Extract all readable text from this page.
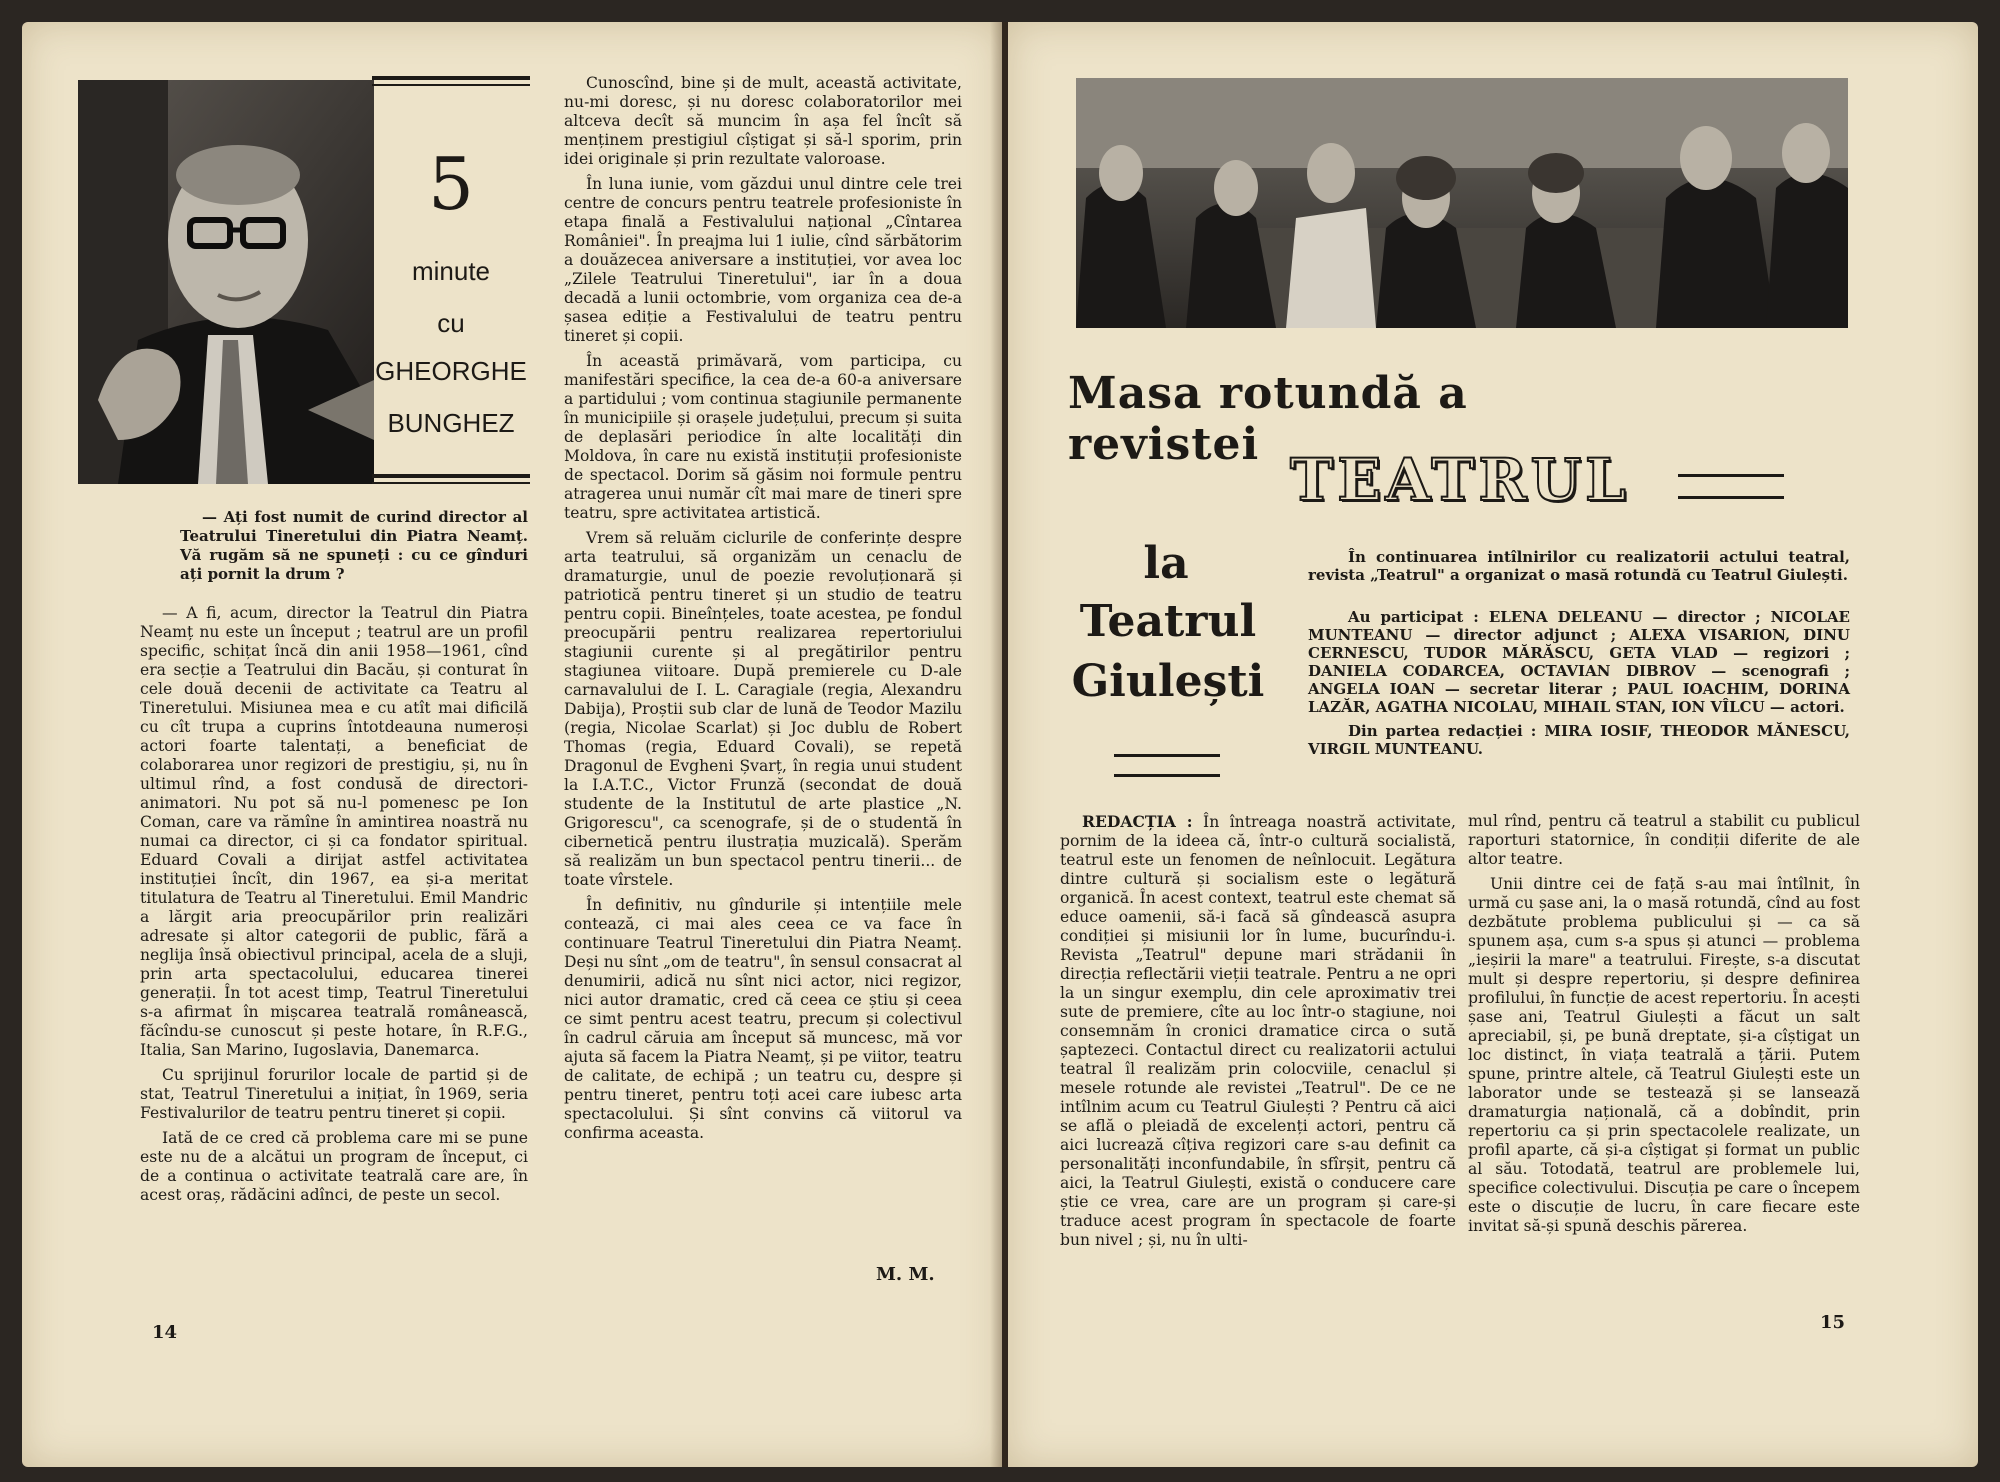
5
minute
cu
GHEORGHE
BUNGHEZ

— Ați fost numit de curind director al Teatrului Tineretului din Piatra Neamț. Vă rugăm să ne spuneți : cu ce gînduri ați pornit la drum ?

— A fi, acum, director la Teatrul din Piatra Neamț nu este un început ; teatrul are un profil specific, schițat încă din anii 1958—1961, cînd era secție a Teatrului din Bacău, și conturat în cele două decenii de activitate ca Teatru al Tineretului. Misiunea mea e cu atît mai dificilă cu cît trupa a cuprins întotdeauna numeroși actori foarte talentați, a beneficiat de colaborarea unor regizori de prestigiu, și, nu în ultimul rînd, a fost condusă de directori-animatori. Nu pot să nu-l pomenesc pe Ion Coman, care va rămîne în amintirea noastră nu numai ca director, ci și ca fondator spiritual. Eduard Covali a dirijat astfel activitatea instituției încît, din 1967, ea și-a meritat titulatura de Teatru al Tineretului. Emil Mandric a lărgit aria preocupărilor prin realizări adresate și altor categorii de public, fără a neglija însă obiectivul principal, acela de a sluji, prin arta spectacolului, educarea tinerei generații. În tot acest timp, Teatrul Tineretului s-a afirmat în mișcarea teatrală românească, făcîndu-se cunoscut și peste hotare, în R.F.G., Italia, San Marino, Iugoslavia, Danemarca.

Cu sprijinul forurilor locale de partid și de stat, Teatrul Tineretului a inițiat, în 1969, seria Festivalurilor de teatru pentru tineret și copii.

Iată de ce cred că problema care mi se pune este nu de a alcătui un program de început, ci de a continua o activitate teatrală care are, în acest oraș, rădăcini adînci, de peste un secol.

Cunoscînd, bine și de mult, această activitate, nu-mi doresc, și nu doresc colaboratorilor mei altceva decît să muncim în așa fel încît să menținem prestigiul cîștigat și să-l sporim, prin idei originale și prin rezultate valoroase.

În luna iunie, vom găzdui unul dintre cele trei centre de concurs pentru teatrele profesioniste în etapa finală a Festivalului național „Cîntarea României". În preajma lui 1 iulie, cînd sărbătorim a douăzecea aniversare a instituției, vor avea loc „Zilele Teatrului Tineretului", iar în a doua decadă a lunii octombrie, vom organiza cea de-a șasea ediție a Festivalului de teatru pentru tineret și copii.

În această primăvară, vom participa, cu manifestări specifice, la cea de-a 60-a aniversare a partidului ; vom continua stagiunile permanente în municipiile și orașele județului, precum și suita de deplasări periodice în alte localități din Moldova, în care nu există instituții profesioniste de spectacol. Dorim să găsim noi formule pentru atragerea unui număr cît mai mare de tineri spre teatru, spre activitatea artistică.

Vrem să reluăm ciclurile de conferințe despre arta teatrului, să organizăm un cenaclu de dramaturgie, unul de poezie revoluționară și patriotică pentru tineret și un studio de teatru pentru copii. Bineînțeles, toate acestea, pe fondul preocupării pentru realizarea repertoriului stagiunii curente și al pregătirilor pentru stagiunea viitoare. După premierele cu D-ale carnavalului de I. L. Caragiale (regia, Alexandru Dabija), Proștii sub clar de lună de Teodor Mazilu (regia, Nicolae Scarlat) și Joc dublu de Robert Thomas (regia, Eduard Covali), se repetă Dragonul de Evgheni Șvarț, în regia unui student la I.A.T.C., Victor Frunză (secondat de două studente de la Institutul de arte plastice „N. Grigorescu", ca scenografe, și de o studentă în cibernetică pentru ilustrația muzicală). Sperăm să realizăm un bun spectacol pentru tinerii... de toate vîrstele.

În definitiv, nu gîndurile și intențiile mele contează, ci mai ales ceea ce va face în continuare Teatrul Tineretului din Piatra Neamț. Deși nu sînt „om de teatru", în sensul consacrat al denumirii, adică nu sînt nici actor, nici regizor, nici autor dramatic, cred că ceea ce știu și ceea ce simt pentru acest teatru, precum și colectivul în cadrul căruia am început să muncesc, mă vor ajuta să facem la Piatra Neamț, și pe viitor, teatru de calitate, de echipă ; un teatru cu, despre și pentru tineret, pentru toți acei care iubesc arta spectacolului. Și sînt convins că viitorul va confirma aceasta.

M. M.
14
Masa rotundă a revistei
TEATRUL
la
Teatrul
Giulești

În continuarea intîlnirilor cu realizatorii actului teatral, revista „Teatrul" a organizat o masă rotundă cu Teatrul Giulești.

Au participat : ELENA DELEANU — director ; NICOLAE MUNTEANU — director adjunct ; ALEXA VISARION, DINU CERNESCU, TUDOR MĂRĂSCU, GETA VLAD — regizori ; DANIELA CODARCEA, OCTAVIAN DIBROV — scenografi ; ANGELA IOAN — secretar literar ; PAUL IOACHIM, DORINA LAZĂR, AGATHA NICOLAU, MIHAIL STAN, ION VÎLCU — actori.

Din partea redacției : MIRA IOSIF, THEODOR MĂNESCU, VIRGIL MUNTEANU.

REDACȚIA : În întreaga noastră activitate, pornim de la ideea că, într-o cultură socialistă, teatrul este un fenomen de neînlocuit. Legătura dintre cultură și socialism este o legătură organică. În acest context, teatrul este chemat să educe oamenii, să-i facă să gîndească asupra condiției și misiunii lor în lume, bucurîndu-i. Revista „Teatrul" depune mari strădanii în direcția reflectării vieții teatrale. Pentru a ne opri la un singur exemplu, din cele aproximativ trei sute de premiere, cîte au loc într-o stagiune, noi consemnăm în cronici dramatice circa o sută șaptezeci. Contactul direct cu realizatorii actului teatral îl realizăm prin colocviile, cenaclul și mesele rotunde ale revistei „Teatrul". De ce ne intîlnim acum cu Teatrul Giulești ? Pentru că aici se află o pleiadă de excelenți actori, pentru că aici lucrează cîțiva regizori care s-au definit ca personalități inconfundabile, în sfîrșit, pentru că aici, la Teatrul Giulești, există o conducere care știe ce vrea, care are un program și care-și traduce acest program în spectacole de foarte bun nivel ; și, nu în ulti-

mul rînd, pentru că teatrul a stabilit cu publicul raporturi statornice, în condiții diferite de ale altor teatre.

Unii dintre cei de față s-au mai întîlnit, în urmă cu șase ani, la o masă rotundă, cînd au fost dezbătute problema publicului și — ca să spunem așa, cum s-a spus și atunci — problema „ieșirii la mare" a teatrului. Firește, s-a discutat mult și despre repertoriu, și despre definirea profilului, în funcție de acest repertoriu. În acești șase ani, Teatrul Giulești a făcut un salt apreciabil, și, pe bună dreptate, și-a cîștigat un loc distinct, în viața teatrală a țării. Putem spune, printre altele, că Teatrul Giulești este un laborator unde se testează și se lansează dramaturgia națională, că a dobîndit, prin repertoriu ca și prin spectacolele realizate, un profil aparte, că și-a cîștigat și format un public al său. Totodată, teatrul are problemele lui, specifice colectivului. Discuția pe care o începem este o discuție de lucru, în care fiecare este invitat să-și spună deschis părerea.

15
